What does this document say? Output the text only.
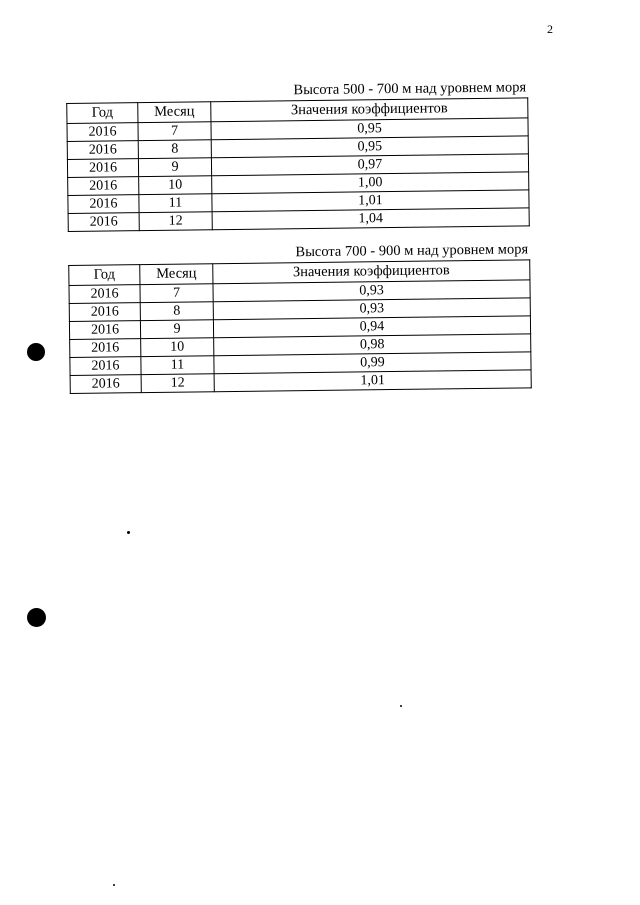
2
Высота 500 - 700 м над уровнем моря
Год	Месяц	Значения коэффициентов
2016	7	0,95
2016	8	0,95
2016	9	0,97
2016	10	1,00
2016	11	1,01
2016	12	1,04
Высота 700 - 900 м над уровнем моря
Год	Месяц	Значения коэффициентов
2016	7	0,93
2016	8	0,93
2016	9	0,94
2016	10	0,98
2016	11	0,99
2016	12	1,01
